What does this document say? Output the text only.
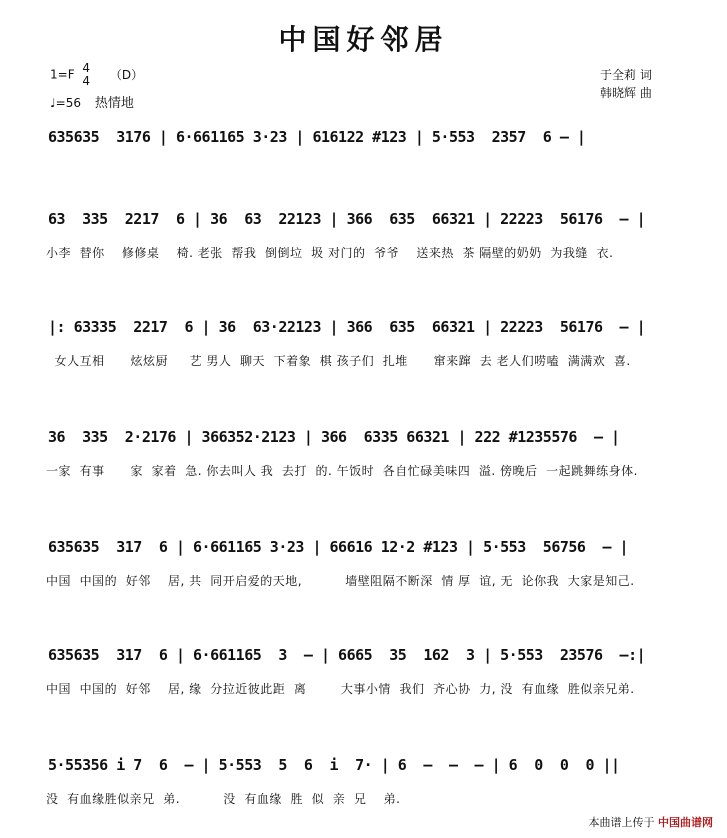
中国好邻居
1=F 4
4 （D）
♩=56 热情地
于全莉 词
韩晓辉 曲
635635  3176 | 6·661165 3·23 | 616122 #123 | 5·553  2357  6 – |
63  335  2217  6 | 36  63  22123 | 366  635  66321 | 22223  56176  – |
小李  替你    修修桌    椅. 老张  帮我  倒倒垃  圾 对门的  爷爷    送来热  茶 隔壁的奶奶  为我缝  衣.
|: 63335  2217  6 | 36  63·22123 | 366  635  66321 | 22223  56176  – |
女人互相      炫炫厨     艺 男人  聊天  下着象  棋 孩子们  扎堆      窜来蹿  去 老人们唠嗑  满满欢  喜.
36  335  2·2176 | 366352·2123 | 366  6335 66321 | 222 #1235576  – |
一家  有事      家  家着  急. 你去叫人 我  去打  的. 午饭时  各自忙碌美味四  溢. 傍晚后  一起跳舞练身体.
635635  317  6 | 6·661165 3·23 | 66616 12·2 #123 | 5·553  56756  – |
中国  中国的  好邻    居, 共  同开启爱的天地,          墙壁阻隔不断深  情 厚  谊, 无  论你我  大家是知己.
635635  317  6 | 6·661165  3  – | 6665  35  162  3 | 5·553  23576  –:|
中国  中国的  好邻    居, 缘  分拉近彼此距  离        大事小情  我们  齐心协  力, 没  有血缘  胜似亲兄弟.
5·55356 i 7  6  – | 5·553  5  6  i  7· | 6  –  –  – | 6  0  0  0 ||
没  有血缘胜似亲兄  弟.          没  有血缘  胜  似  亲  兄    弟.
本曲谱上传于 中国曲谱网
